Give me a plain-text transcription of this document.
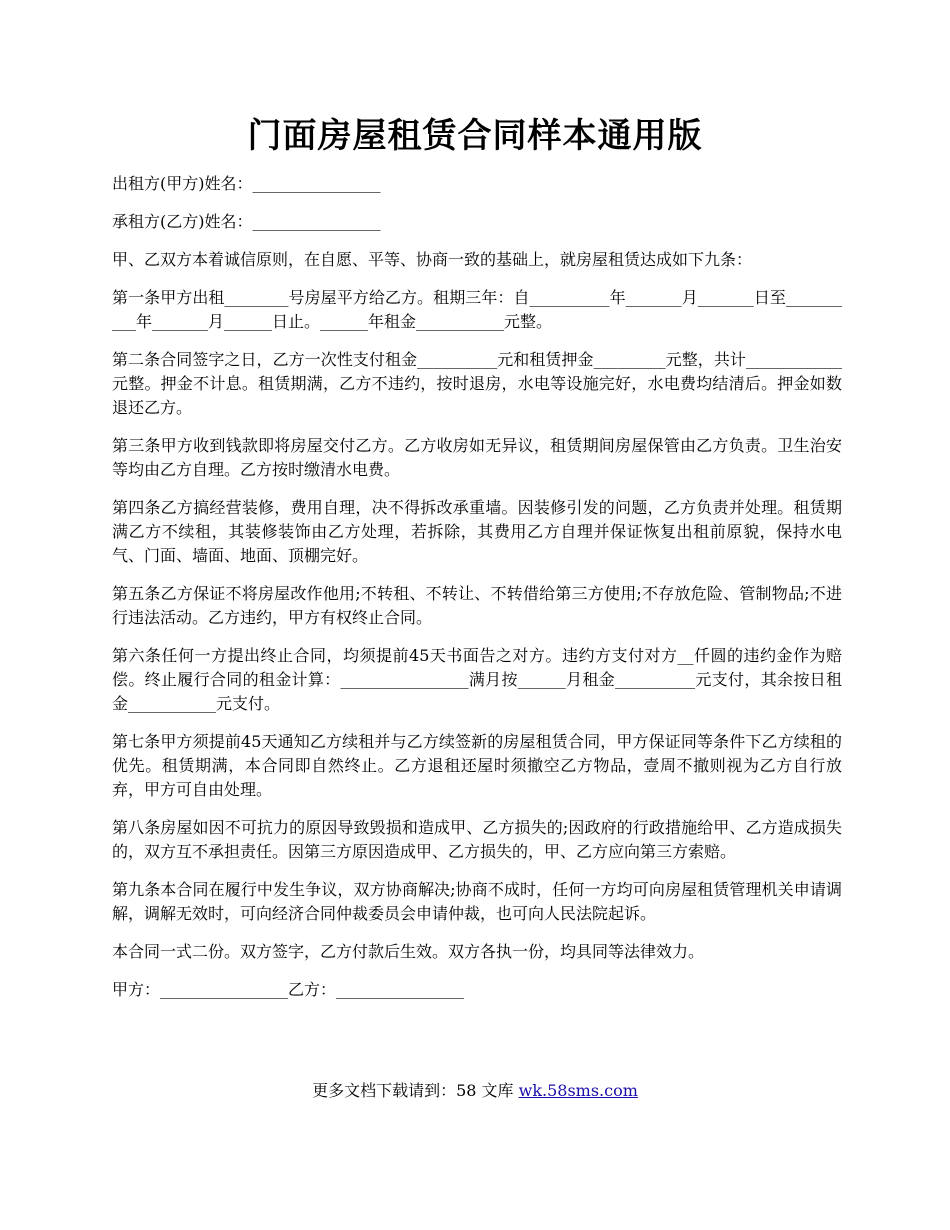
门面房屋租赁合同样本通用版

出租方(甲方)姓名：________________

承租方(乙方)姓名：________________

甲、乙双方本着诚信原则，在自愿、平等、协商一致的基础上，就房屋租赁达成如下九条：

第一条甲方出租________号房屋平方给乙方。租期三年：自__________年_______月_______日至__________年_______月______日止。______年租金___________元整。

第二条合同签字之日，乙方一次性支付租金__________元和租赁押金_________元整，共计____________元整。押金不计息。租赁期满，乙方不违约，按时退房，水电等设施完好，水电费均结清后。押金如数退还乙方。

第三条甲方收到钱款即将房屋交付乙方。乙方收房如无异议，租赁期间房屋保管由乙方负责。卫生治安等均由乙方自理。乙方按时缴清水电费。

第四条乙方搞经营装修，费用自理，决不得拆改承重墙。因装修引发的问题，乙方负责并处理。租赁期满乙方不续租，其装修装饰由乙方处理，若拆除，其费用乙方自理并保证恢复出租前原貌，保持水电气、门面、墙面、地面、顶棚完好。

第五条乙方保证不将房屋改作他用;不转租、不转让、不转借给第三方使用;不存放危险、管制物品;不进行违法活动。乙方违约，甲方有权终止合同。

第六条任何一方提出终止合同，均须提前45天书面告之对方。违约方支付对方__仟圆的违约金作为赔偿。终止履行合同的租金计算：________________满月按______月租金__________元支付，其余按日租金___________元支付。

第七条甲方须提前45天通知乙方续租并与乙方续签新的房屋租赁合同，甲方保证同等条件下乙方续租的优先。租赁期满，本合同即自然终止。乙方退租还屋时须撤空乙方物品，壹周不撤则视为乙方自行放弃，甲方可自由处理。

第八条房屋如因不可抗力的原因导致毁损和造成甲、乙方损失的;因政府的行政措施给甲、乙方造成损失的，双方互不承担责任。因第三方原因造成甲、乙方损失的，甲、乙方应向第三方索赔。

第九条本合同在履行中发生争议，双方协商解决;协商不成时，任何一方均可向房屋租赁管理机关申请调解，调解无效时，可向经济合同仲裁委员会申请仲裁，也可向人民法院起诉。

本合同一式二份。双方签字，乙方付款后生效。双方各执一份，均具同等法律效力。

甲方：________________乙方：________________

更多文档下载请到：58 文库 wk.58sms.com
